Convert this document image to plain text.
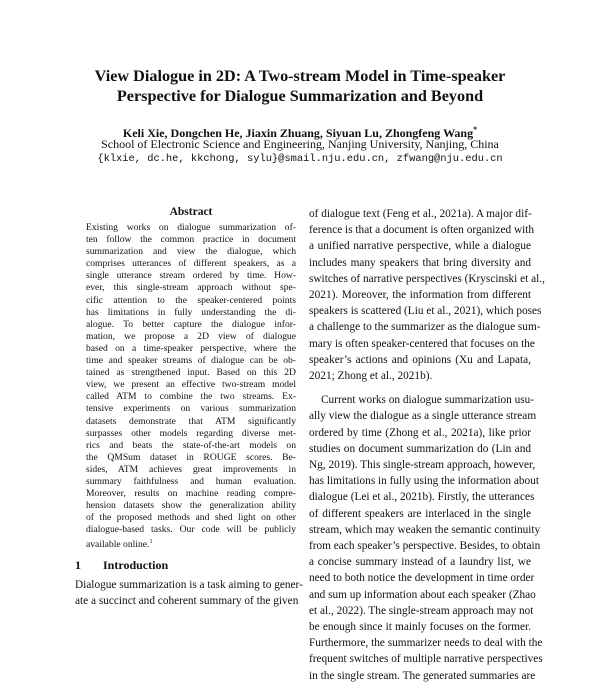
View Dialogue in 2D: A Two-stream Model in Time-speaker
Perspective for Dialogue Summarization and Beyond
Keli Xie, Dongchen He, Jiaxin Zhuang, Siyuan Lu, Zhongfeng Wang*
School of Electronic Science and Engineering, Nanjing University, Nanjing, China
{klxie, dc.he, kkchong, sylu}@smail.nju.edu.cn, zfwang@nju.edu.cn
Abstract
Existing works on dialogue summarization of-
ten follow the common practice in document
summarization and view the dialogue, which
comprises utterances of different speakers, as a
single utterance stream ordered by time. How-
ever, this single-stream approach without spe-
cific attention to the speaker-centered points
has limitations in fully understanding the di-
alogue. To better capture the dialogue infor-
mation, we propose a 2D view of dialogue
based on a time-speaker perspective, where the
time and speaker streams of dialogue can be ob-
tained as strengthened input. Based on this 2D
view, we present an effective two-stream model
called ATM to combine the two streams. Ex-
tensive experiments on various summarization
datasets demonstrate that ATM significantly
surpasses other models regarding diverse met-
rics and beats the state-of-the-art models on
the QMSum dataset in ROUGE scores. Be-
sides, ATM achieves great improvements in
summary faithfulness and human evaluation.
Moreover, results on machine reading compre-
hension datasets show the generalization ability
of the proposed methods and shed light on other
dialogue-based tasks. Our code will be publicly
available online.$^1$
1 Introduction
Dialogue summarization is a task aiming to gener-
ate a succinct and coherent summary of the given
of dialogue text (Feng et al., 2021a). A major dif-
ference is that a document is often organized with
a unified narrative perspective, while a dialogue
includes many speakers that bring diversity and
switches of narrative perspectives (Kryscinski et al.,
2021). Moreover, the information from different
speakers is scattered (Liu et al., 2021), which poses
a challenge to the summarizer as the dialogue sum-
mary is often speaker-centered that focuses on the
speaker’s actions and opinions (Xu and Lapata,
2021; Zhong et al., 2021b).
Current works on dialogue summarization usu-
ally view the dialogue as a single utterance stream
ordered by time (Zhong et al., 2021a), like prior
studies on document summarization do (Lin and
Ng, 2019). This single-stream approach, however,
has limitations in fully using the information about
dialogue (Lei et al., 2021b). Firstly, the utterances
of different speakers are interlaced in the single
stream, which may weaken the semantic continuity
from each speaker’s perspective. Besides, to obtain
a concise summary instead of a laundry list, we
need to both notice the development in time order
and sum up information about each speaker (Zhao
et al., 2022). The single-stream approach may not
be enough since it mainly focuses on the former.
Furthermore, the summarizer needs to deal with the
frequent switches of multiple narrative perspectives
in the single stream. The generated summaries are
